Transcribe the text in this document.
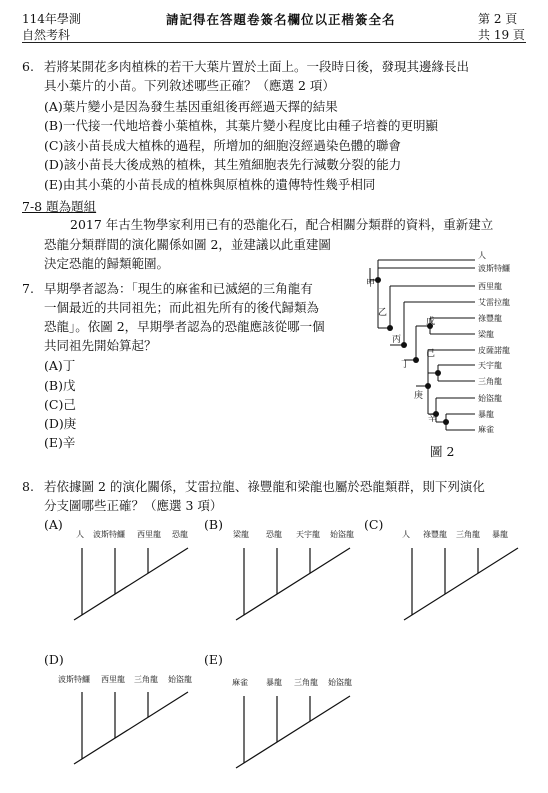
114年學測
自然考科
請記得在答題卷簽名欄位以正楷簽全名	第 2 頁
共 19 頁
6. 若將某開花多肉植株的若干大葉片置於土面上。一段時日後，發現其邊緣長出
具小葉片的小苗。下列敘述哪些正確？（應選 2 項）
(A)葉片變小是因為發生基因重組後再經過天擇的結果
(B)一代接一代地培養小葉植株，其葉片變小程度比由種子培養的更明顯
(C)該小苗長成大植株的過程，所增加的細胞沒經過染色體的聯會
(D)該小苗長大後成熟的植株，其生殖細胞表先行減數分裂的能力
(E)由其小葉的小苗長成的植株與原植株的遺傳特性幾乎相同
7-8 題為題組
2017 年古生物學家利用已有的恐龍化石，配合相關分類群的資料，重新建立
恐龍分類群間的演化關係如圖 2，並建議以此重建圖
決定恐龍的歸類範圍。
7. 早期學者認為：「現生的麻雀和已滅絕的三角龍有
一個最近的共同祖先；而此祖先所有的後代歸類為
恐龍」。依圖 2，早期學者認為的恐龍應該從哪一個
共同祖先開始算起？
(A)丁
(B)戊
(C)己
(D)庚
(E)辛
人
波斯特鱷
西里龍
艾雷拉龍
祿豐龍
梁龍
皮薩諾龍
天宇龍
三角龍
始盜龍
暴龍
麻雀
甲
乙
丙
丁
戊
己
庚
辛
圖 2
8. 若依據圖 2 的演化關係，艾雷拉龍、祿豐龍和梁龍也屬於恐龍類群，則下列演化
分支圖哪些正確？（應選 3 項）
(A)
人 波斯特鱷 西里龍 恐龍
(B)
梁龍 恐龍 天宇龍 始盜龍
(C)
人 祿豐龍 三角龍 暴龍
(D)
波斯特鱷 西里龍 三角龍 始盜龍
(E)
麻雀 暴龍 三角龍 始盜龍
